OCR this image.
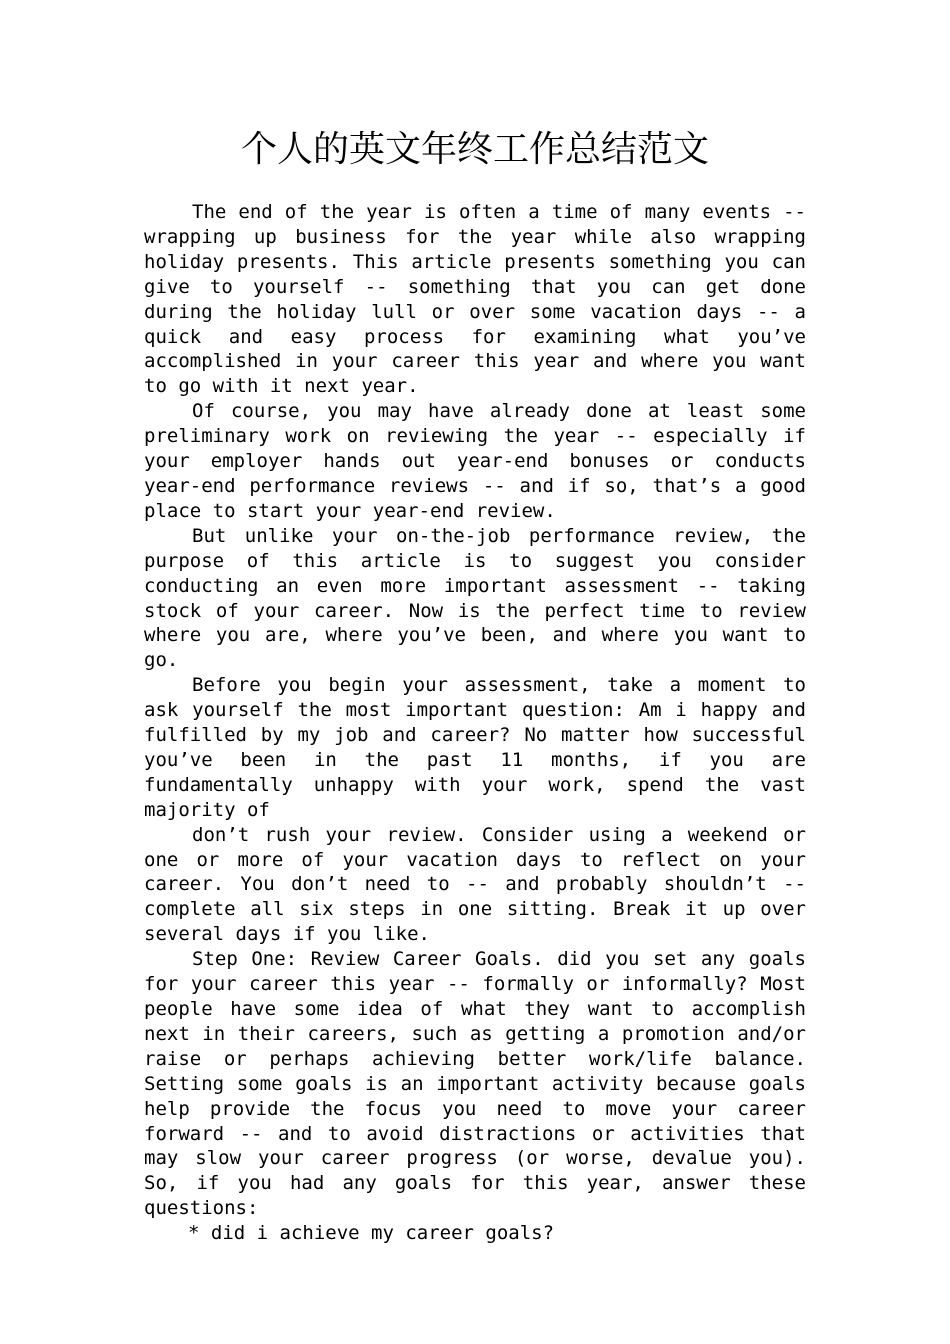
个人的英文年终工作总结范文

The end of the year is often a time of many events -- wrapping up business for the year while also wrapping holiday presents. This article presents something you can give to yourself -- something that you can get done during the holiday lull or over some vacation days -- a quick and easy process for examining what you’ve accomplished in your career this year and where you want to go with it next year.

Of course, you may have already done at least some preliminary work on reviewing the year -- especially if your employer hands out year-end bonuses or conducts year-end performance reviews -- and if so, that’s a good place to start your year-end review.

But unlike your on-the-job performance review, the purpose of this article is to suggest you consider conducting an even more important assessment -- taking stock of your career. Now is the perfect time to review where you are, where you’ve been, and where you want to go.

Before you begin your assessment, take a moment to ask yourself the most important question: Am i happy and fulfilled by my job and career? No matter how successful you’ve been in the past 11 months, if you are fundamentally unhappy with your work, spend the vast majority of

don’t rush your review. Consider using a weekend or one or more of your vacation days to reflect on your career. You don’t need to -- and probably shouldn’t -- complete all six steps in one sitting. Break it up over several days if you like.

Step One: Review Career Goals. did you set any goals for your career this year -- formally or informally? Most people have some idea of what they want to accomplish next in their careers, such as getting a promotion and/or raise or perhaps achieving better work/life balance. Setting some goals is an important activity because goals help provide the focus you need to move your career forward -- and to avoid distractions or activities that may slow your career progress (or worse, devalue you). So, if you had any goals for this year, answer these questions:

* did i achieve my career goals?
